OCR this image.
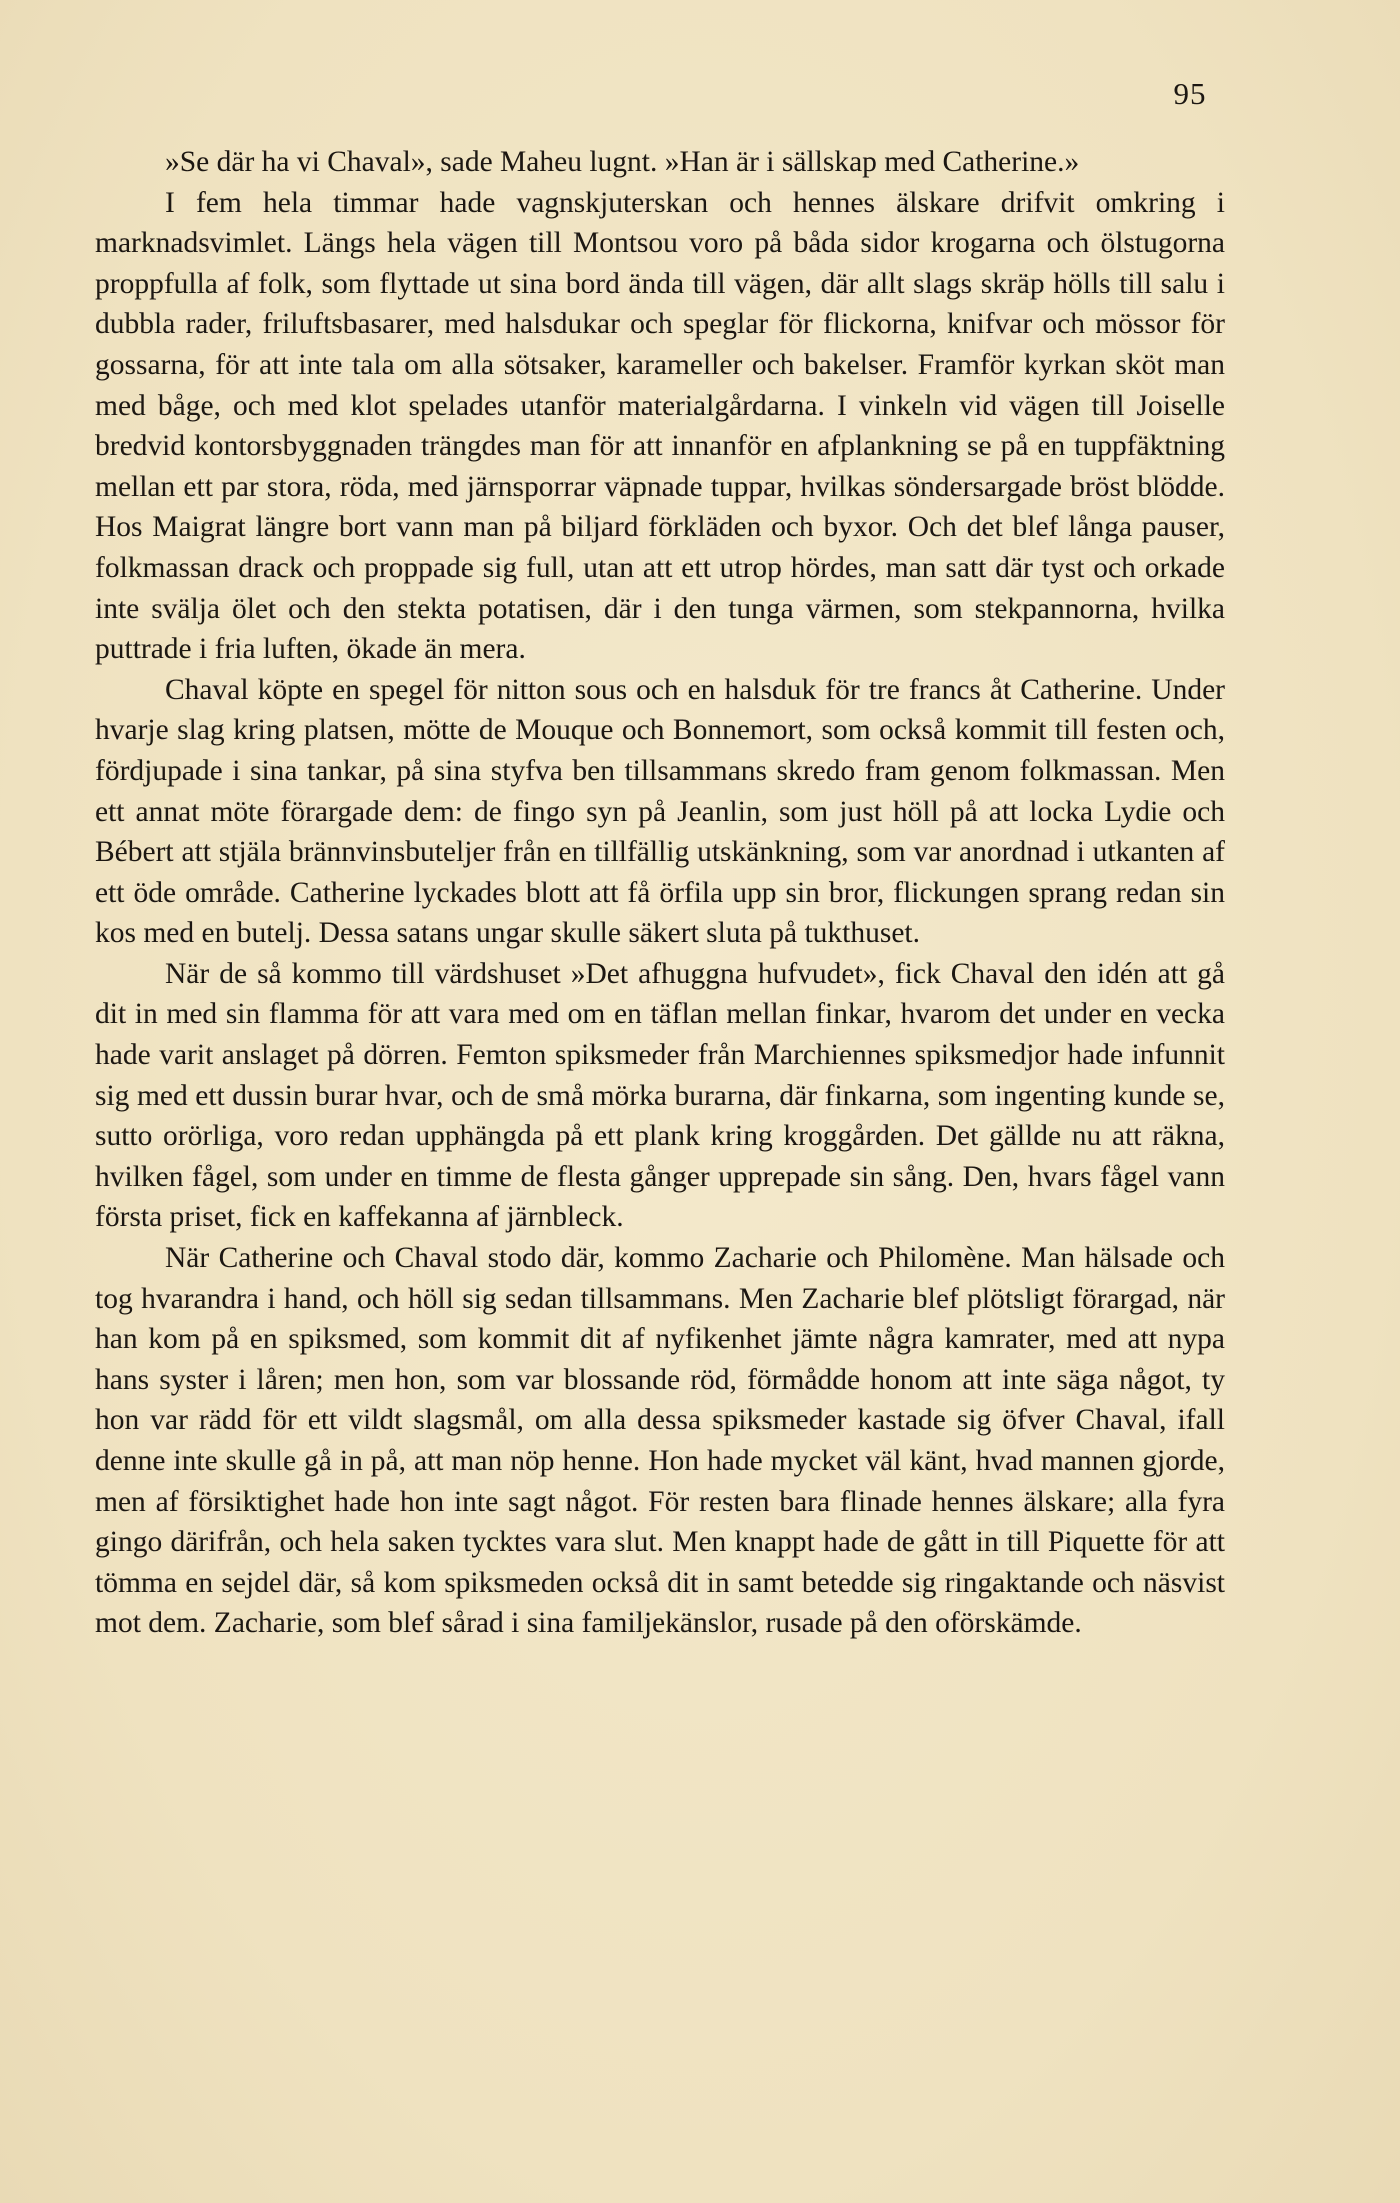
95

»Se där ha vi Chaval», sade Maheu lugnt. »Han är i sällskap med Catherine.»

I fem hela timmar hade vagnskjuterskan och hennes älskare drifvit omkring i marknadsvimlet. Längs hela vägen till Montsou voro på båda sidor krogarna och ölstugorna proppfulla af folk, som flyttade ut sina bord ända till vägen, där allt slags skräp hölls till salu i dubbla rader, friluftsbasarer, med halsdukar och speglar för flickorna, knifvar och mössor för gossarna, för att inte tala om alla sötsaker, karameller och bakelser. Framför kyrkan sköt man med båge, och med klot spelades utanför materialgårdarna. I vinkeln vid vägen till Joiselle bredvid kontorsbyggnaden trängdes man för att innanför en afplankning se på en tuppfäktning mellan ett par stora, röda, med järnsporrar väpnade tuppar, hvilkas söndersargade bröst blödde. Hos Maigrat längre bort vann man på biljard förkläden och byxor. Och det blef långa pauser, folkmassan drack och proppade sig full, utan att ett utrop hördes, man satt där tyst och orkade inte svälja ölet och den stekta potatisen, där i den tunga värmen, som stekpannorna, hvilka puttrade i fria luften, ökade än mera.

Chaval köpte en spegel för nitton sous och en halsduk för tre francs åt Catherine. Under hvarje slag kring platsen, mötte de Mouque och Bonnemort, som också kommit till festen och, fördjupade i sina tankar, på sina styfva ben tillsammans skredo fram genom folkmassan. Men ett annat möte förargade dem: de fingo syn på Jeanlin, som just höll på att locka Lydie och Bébert att stjäla brännvinsbuteljer från en tillfällig utskänkning, som var anordnad i utkanten af ett öde område. Catherine lyckades blott att få örfila upp sin bror, flickungen sprang redan sin kos med en butelj. Dessa satans ungar skulle säkert sluta på tukthuset.

När de så kommo till värdshuset »Det afhuggna hufvudet», fick Chaval den idén att gå dit in med sin flamma för att vara med om en täflan mellan finkar, hvarom det under en vecka hade varit anslaget på dörren. Femton spiksmeder från Marchiennes spiksmedjor hade infunnit sig med ett dussin burar hvar, och de små mörka burarna, där finkarna, som ingenting kunde se, sutto orörliga, voro redan upphängda på ett plank kring kroggården. Det gällde nu att räkna, hvilken fågel, som under en timme de flesta gånger upprepade sin sång. Den, hvars fågel vann första priset, fick en kaffekanna af järnbleck.

När Catherine och Chaval stodo där, kommo Zacharie och Philomène. Man hälsade och tog hvarandra i hand, och höll sig sedan tillsammans. Men Zacharie blef plötsligt förargad, när han kom på en spiksmed, som kommit dit af nyfikenhet jämte några kamrater, med att nypa hans syster i låren; men hon, som var blossande röd, förmådde honom att inte säga något, ty hon var rädd för ett vildt slagsmål, om alla dessa spiksmeder kastade sig öfver Chaval, ifall denne inte skulle gå in på, att man nöp henne. Hon hade mycket väl känt, hvad mannen gjorde, men af försiktighet hade hon inte sagt något. För resten bara flinade hennes älskare; alla fyra gingo därifrån, och hela saken tycktes vara slut. Men knappt hade de gått in till Piquette för att tömma en sejdel där, så kom spiksmeden också dit in samt betedde sig ringaktande och näsvist mot dem. Zacharie, som blef sårad i sina familjekänslor, rusade på den oförskämde.
